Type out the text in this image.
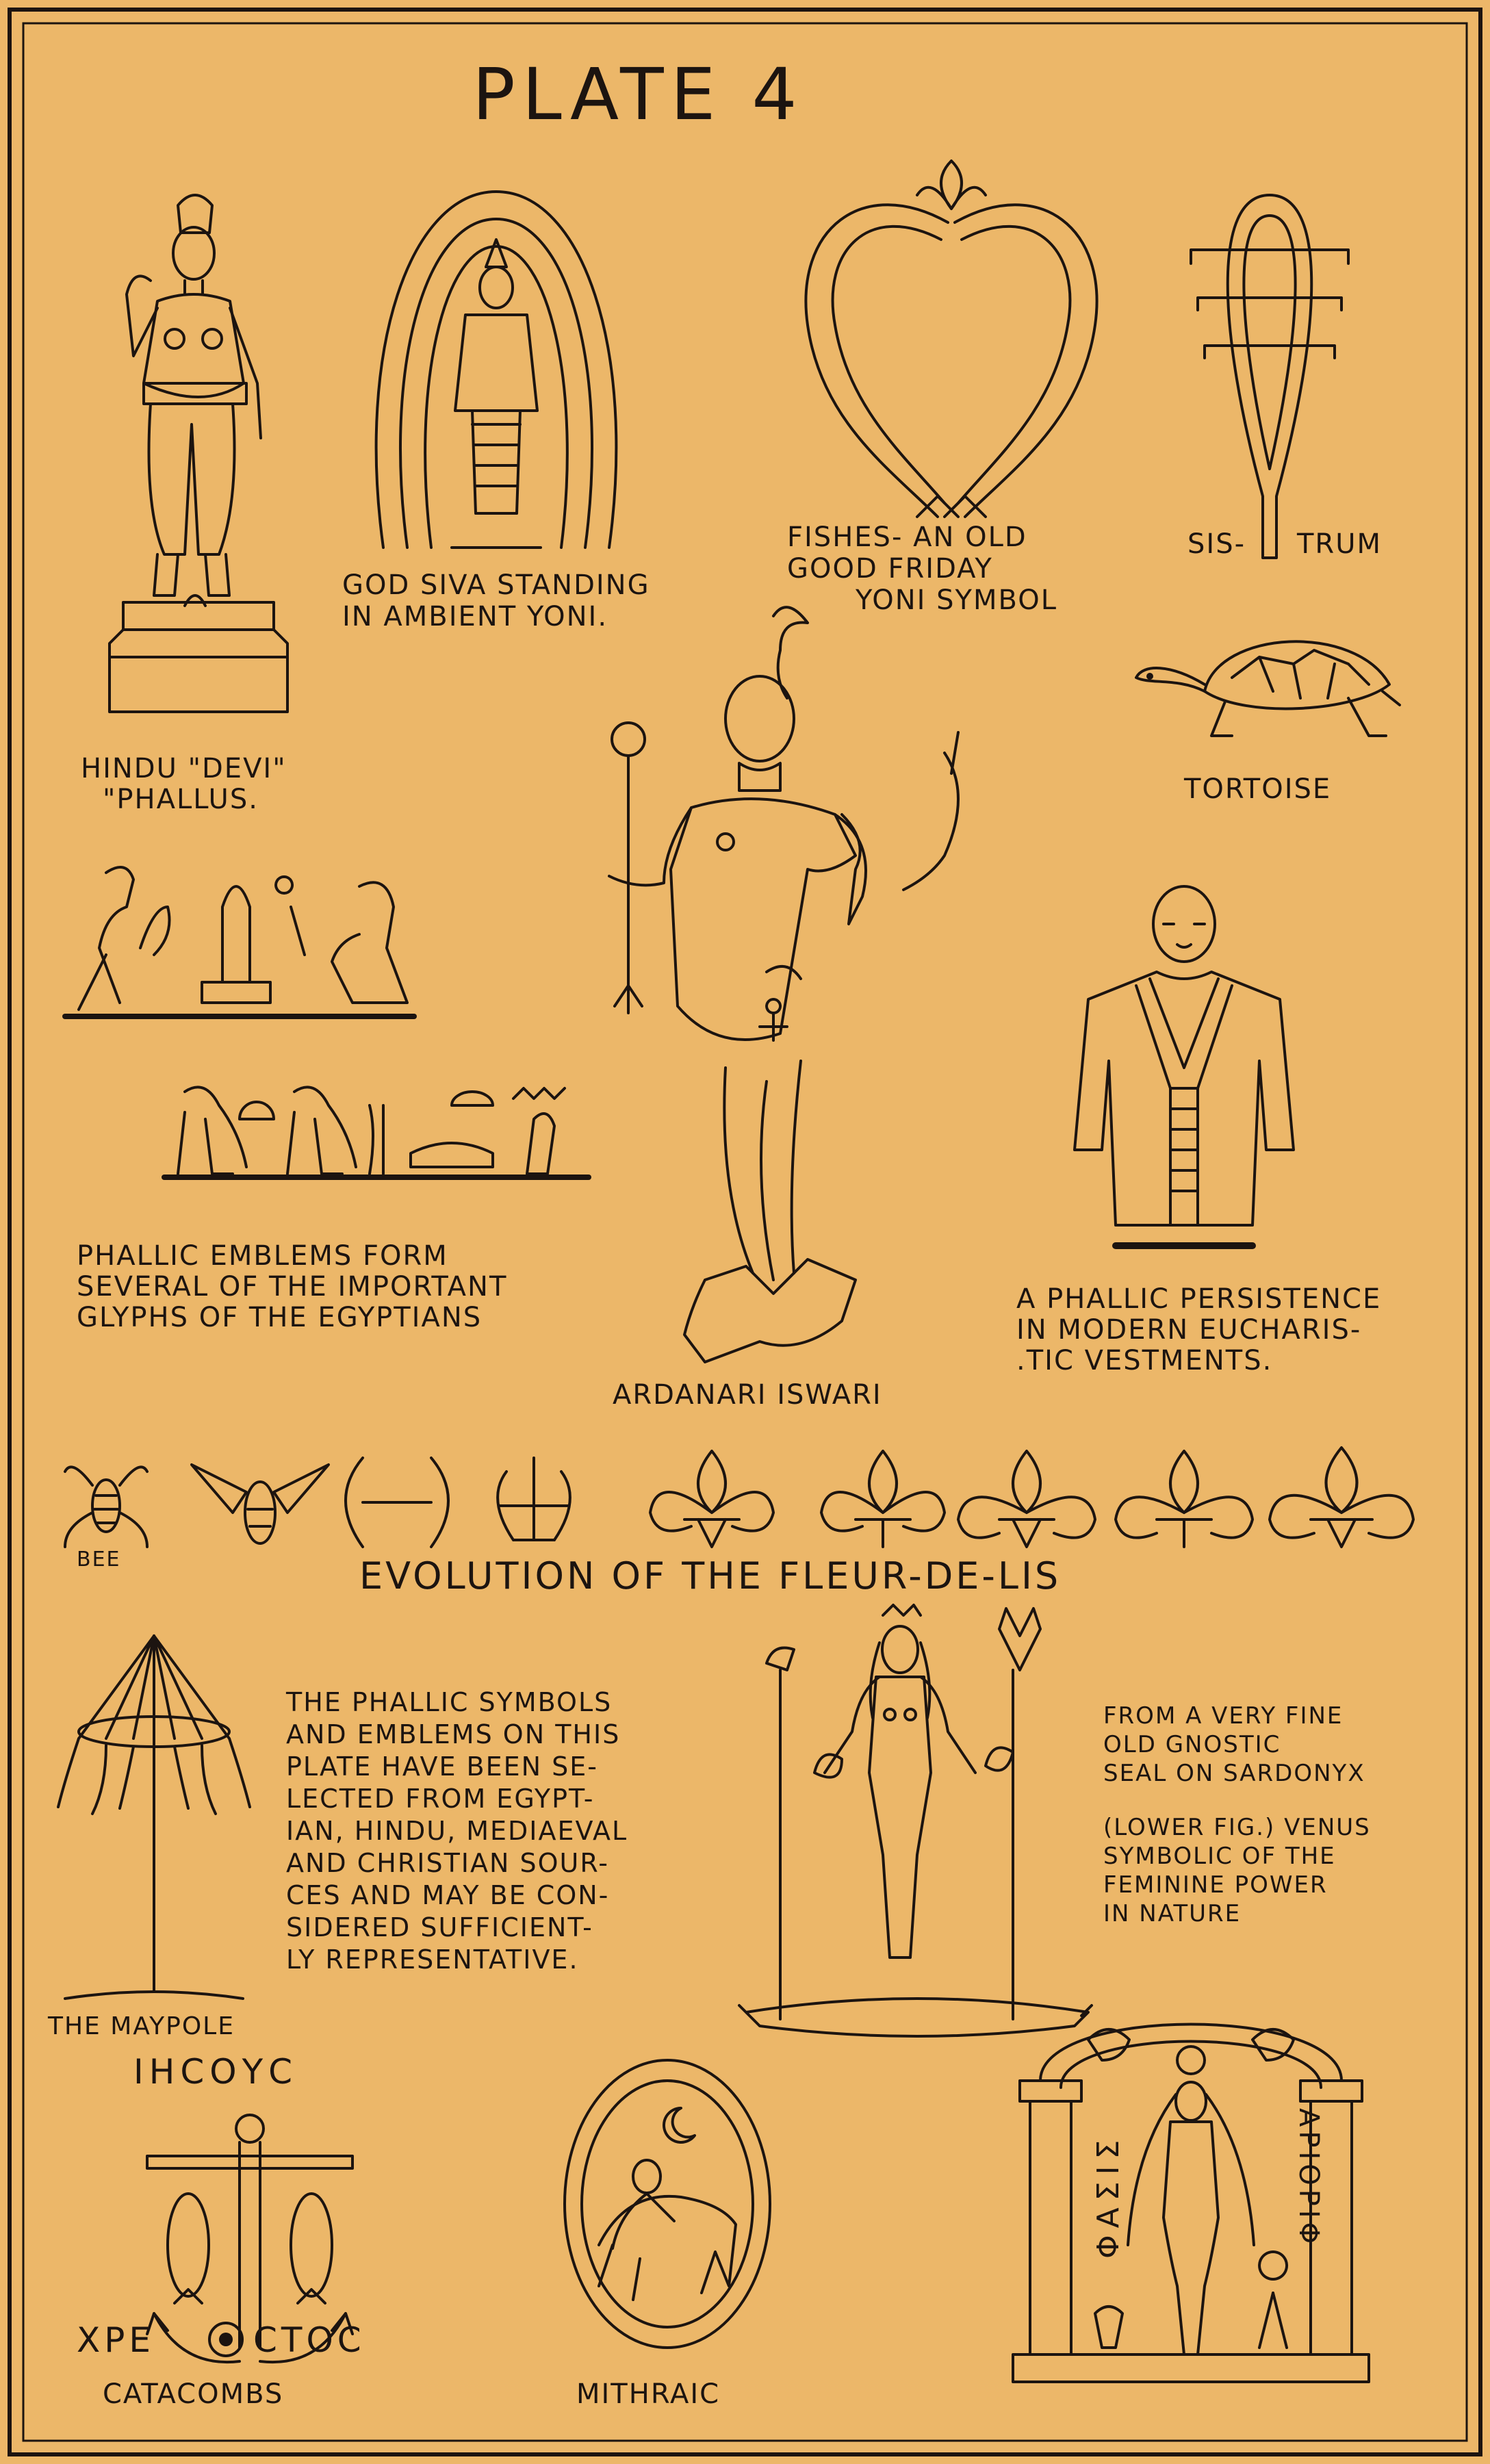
PLATE 4
HINDU "DEVI"
"PHALLUS.
GOD SIVA STANDING
IN AMBIENT YONI.
FISHES- AN OLD
GOOD FRIDAY
YONI SYMBOL
SIS- TRUM
TORTOISE
ARDANARI ISWARI
PHALLIC EMBLEMS FORM
SEVERAL OF THE IMPORTANT
GLYPHS OF THE EGYPTIANS
A PHALLIC PERSISTENCE
IN MODERN EUCHARIS-
.TIC VESTMENTS.
BEE	EVOLUTION OF THE FLEUR-DE-LIS
THE MAYPOLE
THE PHALLIC SYMBOLS
AND EMBLEMS ON THIS
PLATE HAVE BEEN SE-
LECTED FROM EGYPT-
IAN, HINDU, MEDIAEVAL
AND CHRISTIAN SOUR-
CES AND MAY BE CON-
SIDERED SUFFICIENT-
LY REPRESENTATIVE.
FROM A VERY FINE
OLD GNOSTIC
SEAL ON SARDONYX
(LOWER FIG.) VENUS
SYMBOLIC OF THE
FEMININE POWER
IN NATURE
ΙΗCΟΥC
ΧΡΕ	CTOC
CATACOMBS	MITHRAIC
ΦΑΣΙΣ	ΑΡΙΟΡΙΦ
